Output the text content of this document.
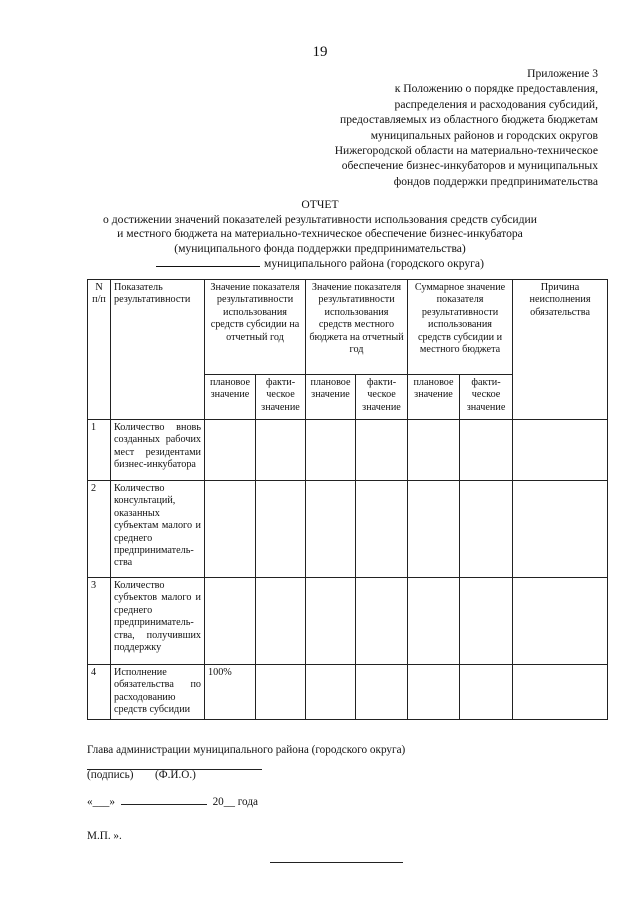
19
Приложение 3
к Положению о порядке предоставления,
распределения и расходования субсидий,
предоставляемых из областного бюджета бюджетам
муниципальных районов и городских округов
Нижегородской области на материально-техническое
обеспечение бизнес-инкубаторов и муниципальных
фондов поддержки предпринимательства
ОТЧЕТ
о достижении значений показателей результативности использования средств субсидии
и местного бюджета на материально-техническое обеспечение бизнес-инкубатора
(муниципального фонда поддержки предпринимательства)
муниципального района (городского округа)
N п/п	Показатель результативности	Значение показателя результативности использования средств субсидии на отчетный год		Значение показателя результативности использования средств местного бюджета на отчетный год		Суммарное значение показателя результативности использования средств субсидии и местного бюджета		Причина неисполнения обязательства
		плановое значение	факти-ческое значение	плановое значение	факти-ческое значение	плановое значение	факти-ческое значение	
1	Количество вновь созданных рабочих мест резидентами бизнес-инкубатора							
2	Количество консультаций, оказанных субъектам малого и среднего предприниматель-ства							
3	Количество субъектов малого и среднего предприниматель-ства, получивших поддержку							
4	Исполнение обязательства по расходованию средств субсидии	100%						
Глава администрации муниципального района (городского округа)
(подпись) (Ф.И.О.)
«___»	20__ года
М.П. ».
